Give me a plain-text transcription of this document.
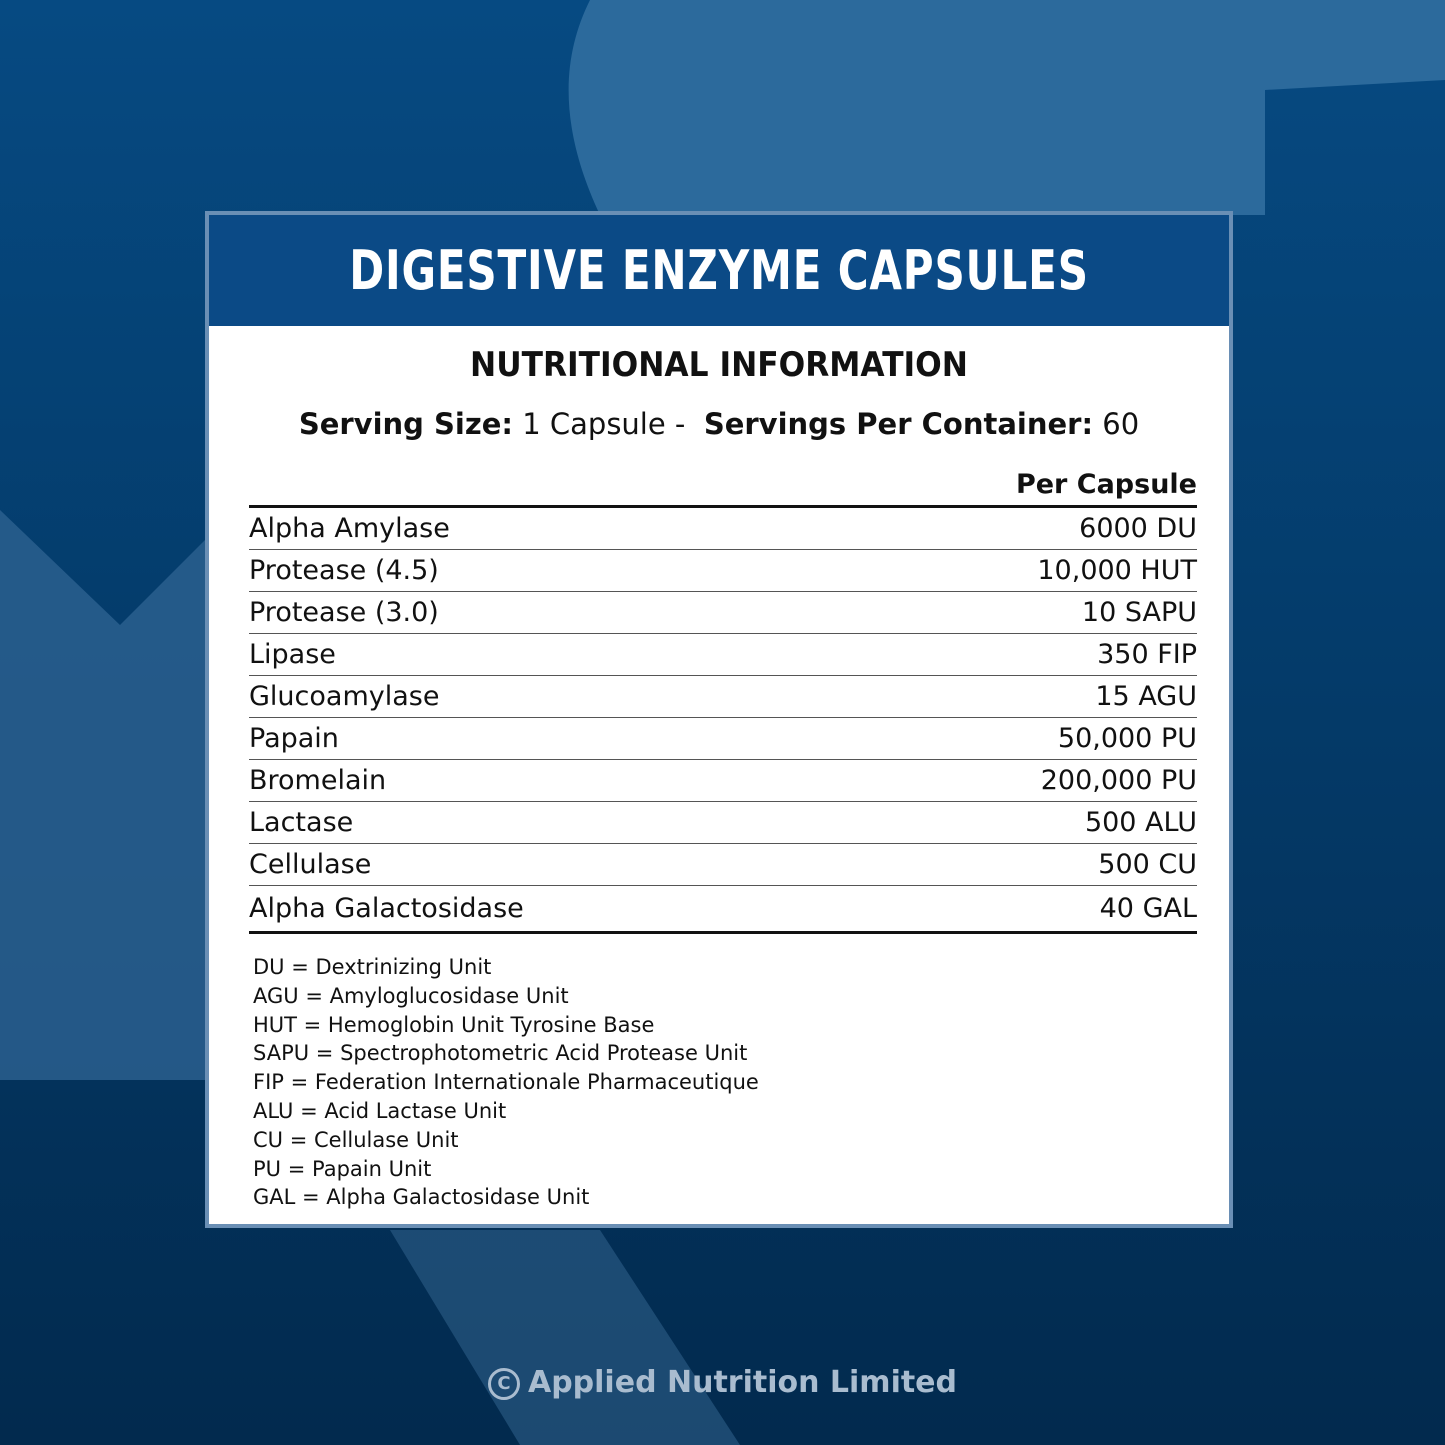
DIGESTIVE ENZYME CAPSULES
NUTRITIONAL INFORMATION
Serving Size: 1 Capsule - Servings Per Container: 60
Per Capsule
Alpha Amylase	6000 DU
Protease (4.5)	10,000 HUT
Protease (3.0)	10 SAPU
Lipase	350 FIP
Glucoamylase	15 AGU
Papain	50,000 PU
Bromelain	200,000 PU
Lactase	500 ALU
Cellulase	500 CU
Alpha Galactosidase	40 GAL
DU = Dextrinizing Unit
AGU = Amyloglucosidase Unit
HUT = Hemoglobin Unit Tyrosine Base
SAPU = Spectrophotometric Acid Protease Unit
FIP = Federation Internationale Pharmaceutique
ALU = Acid Lactase Unit
CU = Cellulase Unit
PU = Papain Unit
GAL = Alpha Galactosidase Unit
C Applied Nutrition Limited
